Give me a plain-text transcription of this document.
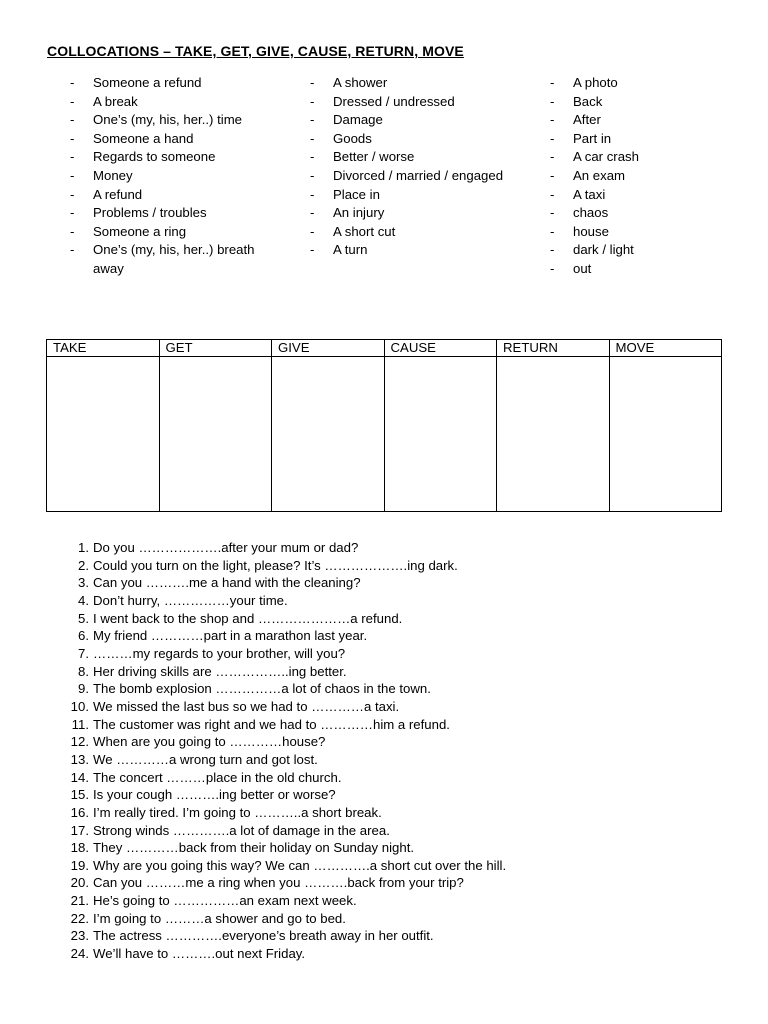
COLLOCATIONS – TAKE, GET, GIVE, CAUSE, RETURN, MOVE
- Someone a refund
- A break
- One’s (my, his, her..) time
- Someone a hand
- Regards to someone
- Money
- A refund
- Problems / troubles
- Someone a ring
- One’s (my, his, her..) breath away
- A shower
- Dressed / undressed
- Damage
- Goods
- Better / worse
- Divorced / married / engaged
- Place in
- An injury
- A short cut
- A turn
- A photo
- Back
- After
- Part in
- A car crash
- An exam
- A taxi
- chaos
- house
- dark / light
- out
TAKE	GET	GIVE	CAUSE	RETURN	MOVE

1. Do you ……………….after your mum or dad?
2. Could you turn on the light, please? It’s ……………….ing dark.
3. Can you ……….me a hand with the cleaning?
4. Don’t hurry, ……………your time.
5. I went back to the shop and …………………a refund.
6. My friend …………part in a marathon last year.
7. ………my regards to your brother, will you?
8. Her driving skills are ……………..ing better.
9. The bomb explosion ……………a lot of chaos in the town.
10. We missed the last bus so we had to …………a taxi.
11. The customer was right and we had to …………him a refund.
12. When are you going to …………house?
13. We …………a wrong turn and got lost.
14. The concert ………place in the old church.
15. Is your cough ……….ing better or worse?
16. I’m really tired. I’m going to ………..a short break.
17. Strong winds ………….a lot of damage in the area.
18. They …………back from their holiday on Sunday night.
19. Why are you going this way? We can ………….a short cut over the hill.
20. Can you ………me a ring when you ……….back from your trip?
21. He’s going to ……………an exam next week.
22. I’m going to ………a shower and go to bed.
23. The actress ………….everyone’s breath away in her outfit.
24. We’ll have to ……….out next Friday.
